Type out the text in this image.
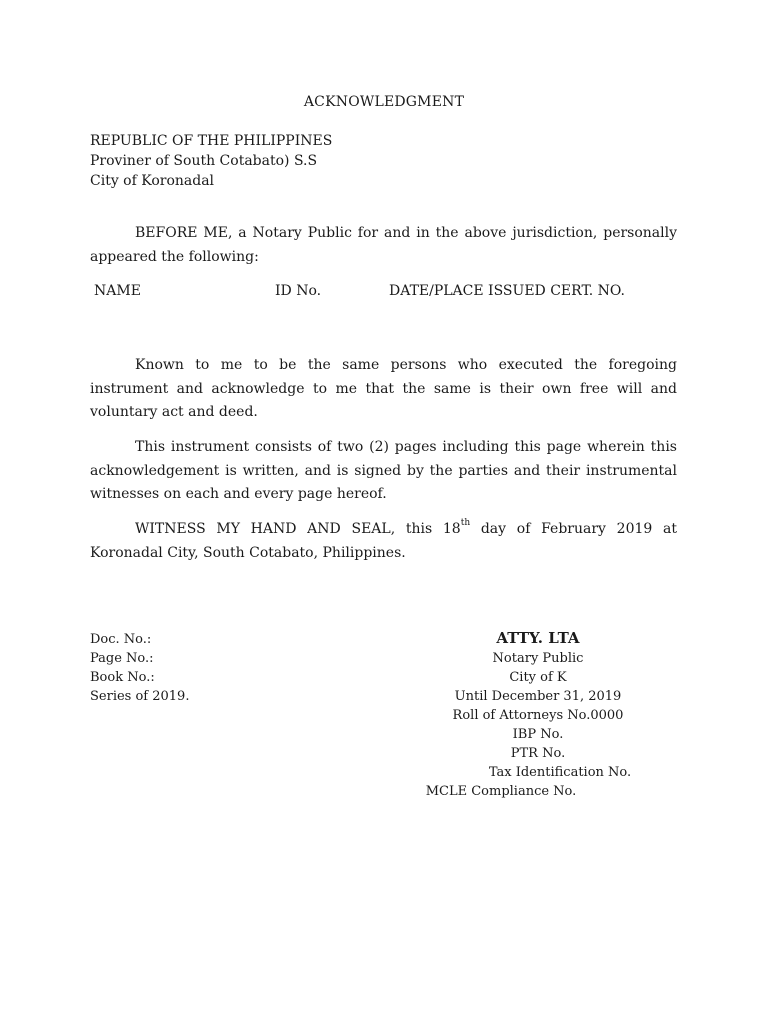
ACKNOWLEDGMENT
REPUBLIC OF THE PHILIPPINES
Proviner of South Cotabato) S.S
City of Koronadal

BEFORE ME, a Notary Public for and in the above jurisdiction, personally appeared the following:

NAME	ID No.	DATE/PLACE ISSUED CERT. NO.

Known to me to be the same persons who executed the foregoing instrument and acknowledge to me that the same is their own free will and voluntary act and deed.

This instrument consists of two (2) pages including this page wherein this acknowledgement is written, and is signed by the parties and their instrumental witnesses on each and every page hereof.

WITNESS MY HAND AND SEAL, this 18th day of February 2019 at Koronadal City, South Cotabato, Philippines.

Doc. No.:
Page No.:
Book No.:
Series of 2019.
ATTY. LTA
Notary Public
City of K
Until December 31, 2019
Roll of Attorneys No.0000
IBP No.
PTR No.
Tax Identification No.
MCLE Compliance No.
